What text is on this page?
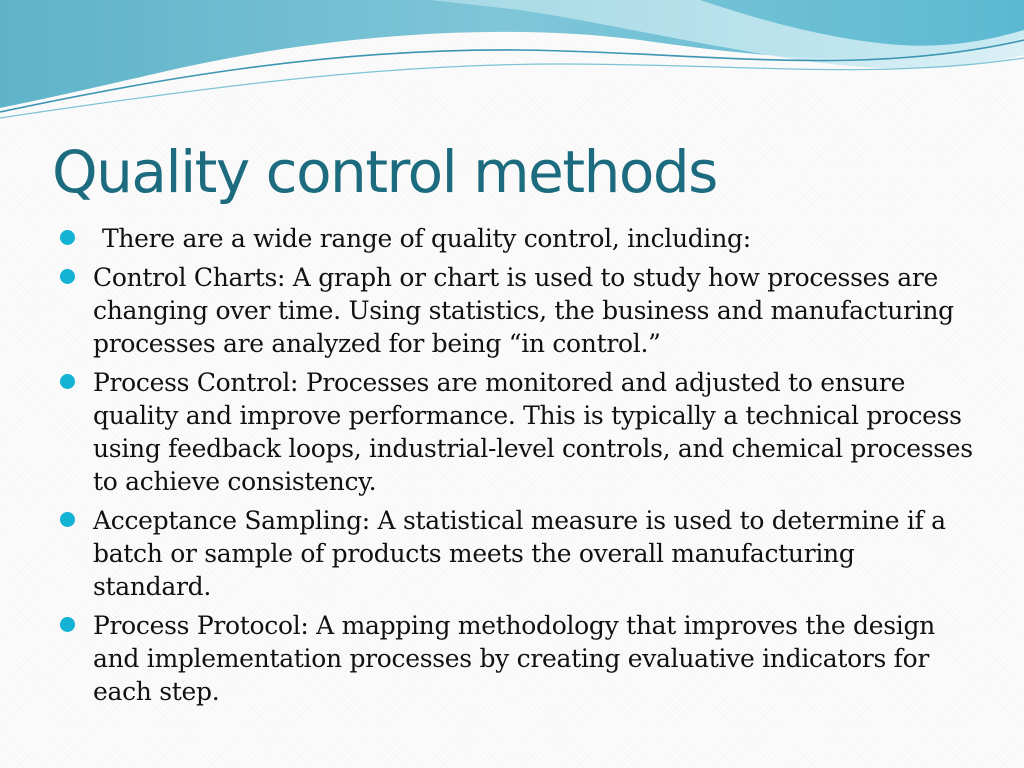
Quality control methods
There are a wide range of quality control, including:
Control Charts: A graph or chart is used to study how processes are changing over time. Using statistics, the business and manufacturing processes are analyzed for being “in control.”
Process Control: Processes are monitored and adjusted to ensure quality and improve performance. This is typically a technical process using feedback loops, industrial-level controls, and chemical processes to achieve consistency.
Acceptance Sampling: A statistical measure is used to determine if a batch or sample of products meets the overall manufacturing standard.
Process Protocol: A mapping methodology that improves the design and implementation processes by creating evaluative indicators for each step.
